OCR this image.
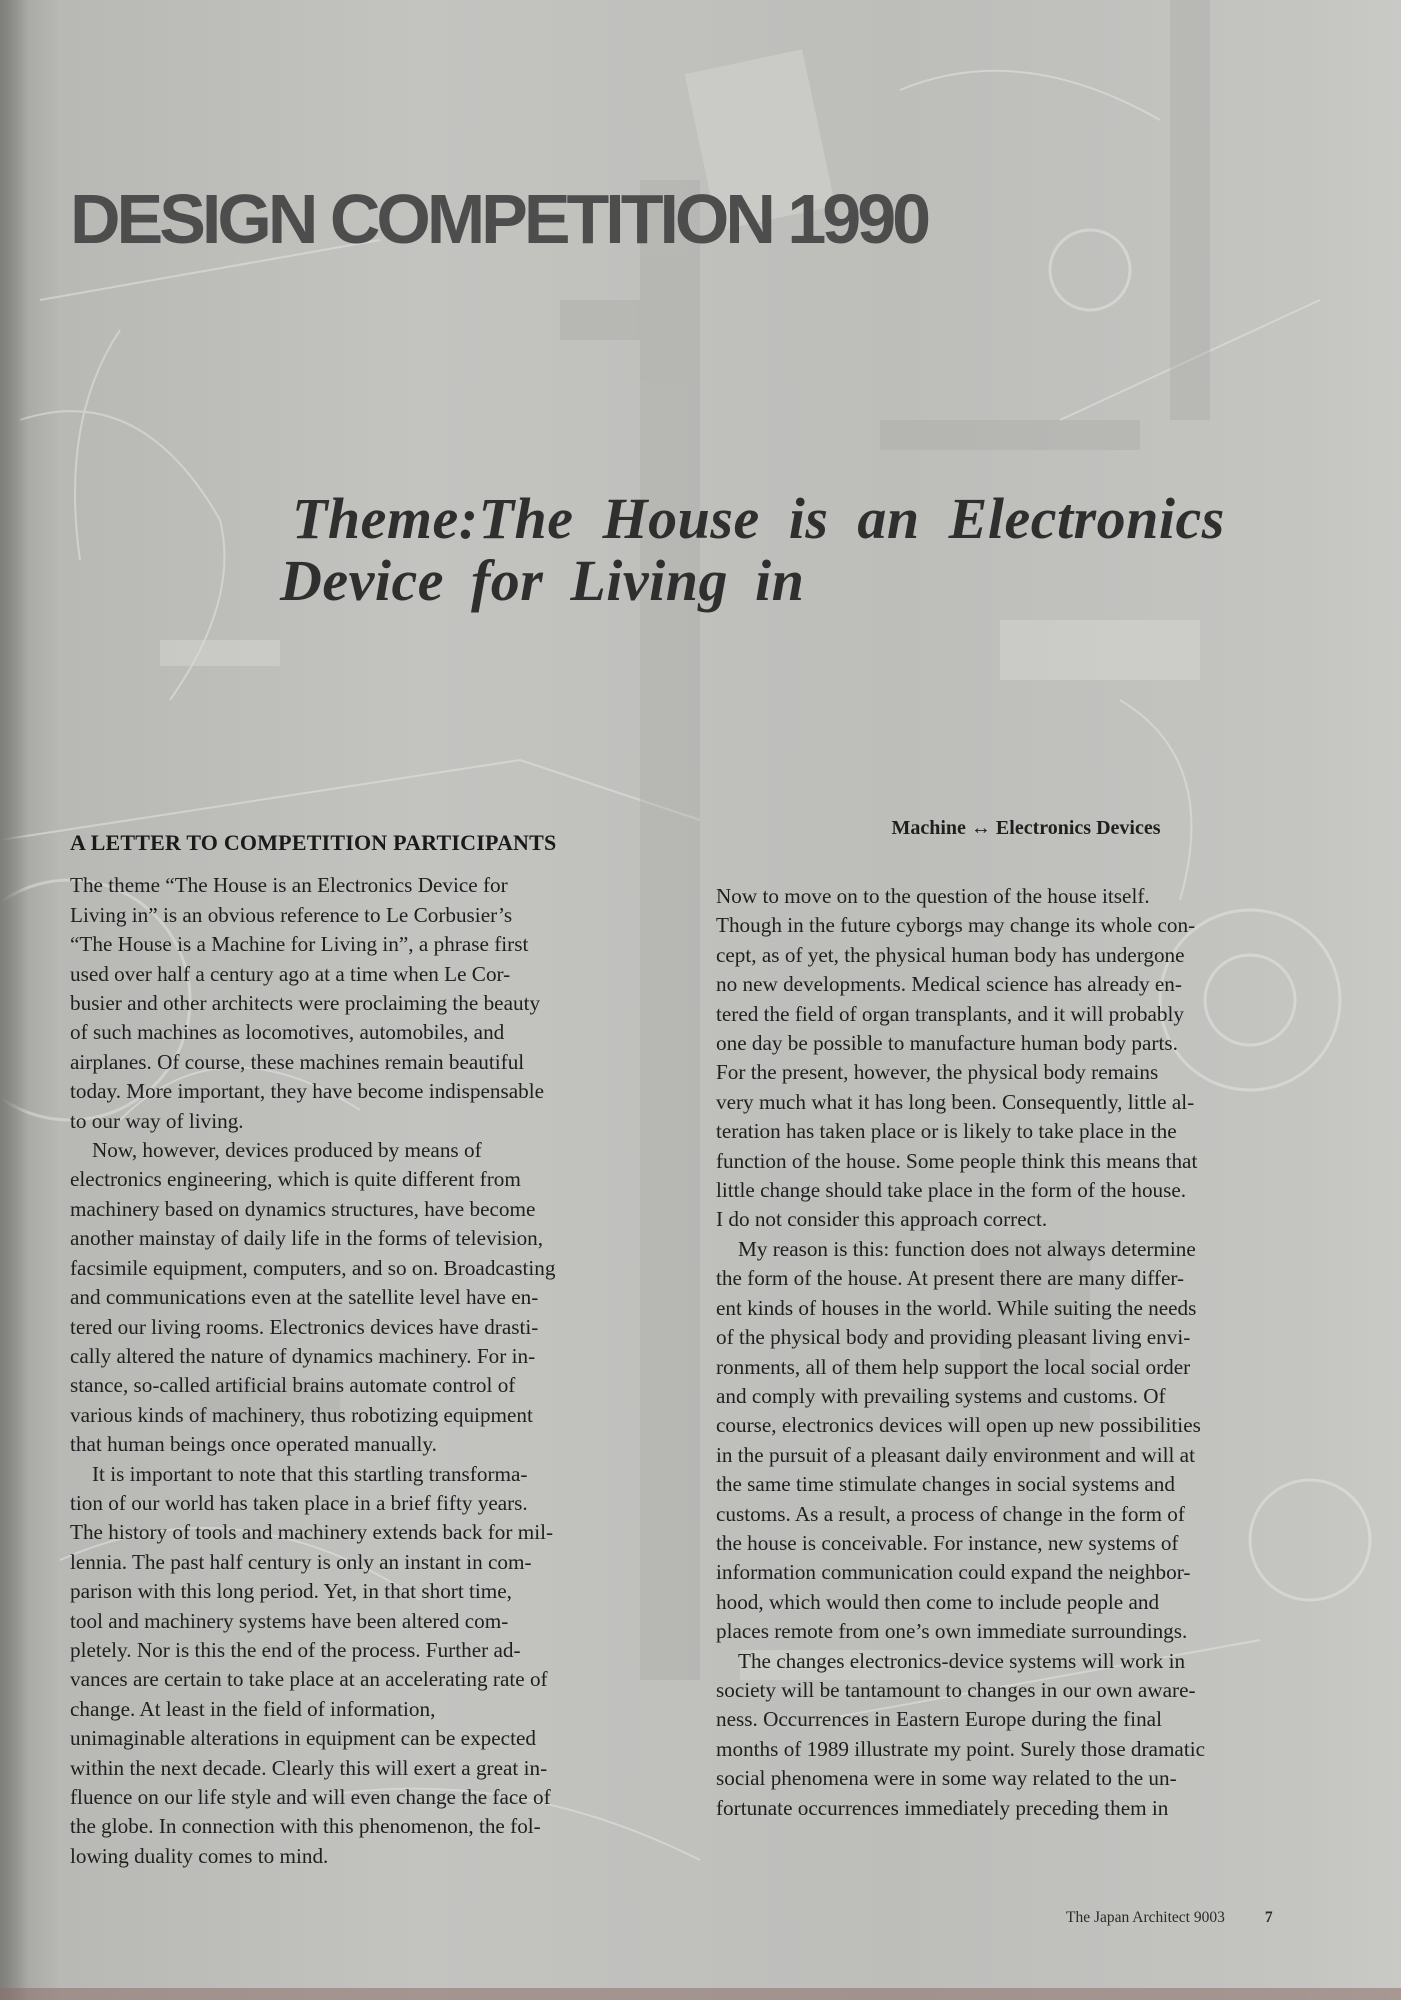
DESIGN COMPETITION 1990
Theme:The House is an Electronics
Device for Living in
A LETTER TO COMPETITION PARTICIPANTS

The theme “The House is an Electronics Device for
Living in” is an obvious reference to Le Corbusier’s
“The House is a Machine for Living in”, a phrase first
used over half a century ago at a time when Le Cor-
busier and other architects were proclaiming the beauty
of such machines as locomotives, automobiles, and
airplanes. Of course, these machines remain beautiful
today. More important, they have become indispensable
to our way of living.

Now, however, devices produced by means of
electronics engineering, which is quite different from
machinery based on dynamics structures, have become
another mainstay of daily life in the forms of television,
facsimile equipment, computers, and so on. Broadcasting
and communications even at the satellite level have en-
tered our living rooms. Electronics devices have drasti-
cally altered the nature of dynamics machinery. For in-
stance, so-called artificial brains automate control of
various kinds of machinery, thus robotizing equipment
that human beings once operated manually.

It is important to note that this startling transforma-
tion of our world has taken place in a brief fifty years.
The history of tools and machinery extends back for mil-
lennia. The past half century is only an instant in com-
parison with this long period. Yet, in that short time,
tool and machinery systems have been altered com-
pletely. Nor is this the end of the process. Further ad-
vances are certain to take place at an accelerating rate of
change. At least in the field of information,
unimaginable alterations in equipment can be expected
within the next decade. Clearly this will exert a great in-
fluence on our life style and will even change the face of
the globe. In connection with this phenomenon, the fol-
lowing duality comes to mind.

Machine ↔ Electronics Devices

Now to move on to the question of the house itself.
Though in the future cyborgs may change its whole con-
cept, as of yet, the physical human body has undergone
no new developments. Medical science has already en-
tered the field of organ transplants, and it will probably
one day be possible to manufacture human body parts.
For the present, however, the physical body remains
very much what it has long been. Consequently, little al-
teration has taken place or is likely to take place in the
function of the house. Some people think this means that
little change should take place in the form of the house.
I do not consider this approach correct.

My reason is this: function does not always determine
the form of the house. At present there are many differ-
ent kinds of houses in the world. While suiting the needs
of the physical body and providing pleasant living envi-
ronments, all of them help support the local social order
and comply with prevailing systems and customs. Of
course, electronics devices will open up new possibilities
in the pursuit of a pleasant daily environment and will at
the same time stimulate changes in social systems and
customs. As a result, a process of change in the form of
the house is conceivable. For instance, new systems of
information communication could expand the neighbor-
hood, which would then come to include people and
places remote from one’s own immediate surroundings.

The changes electronics-device systems will work in
society will be tantamount to changes in our own aware-
ness. Occurrences in Eastern Europe during the final
months of 1989 illustrate my point. Surely those dramatic
social phenomena were in some way related to the un-
fortunate occurrences immediately preceding them in

The Japan Architect 9003	7
